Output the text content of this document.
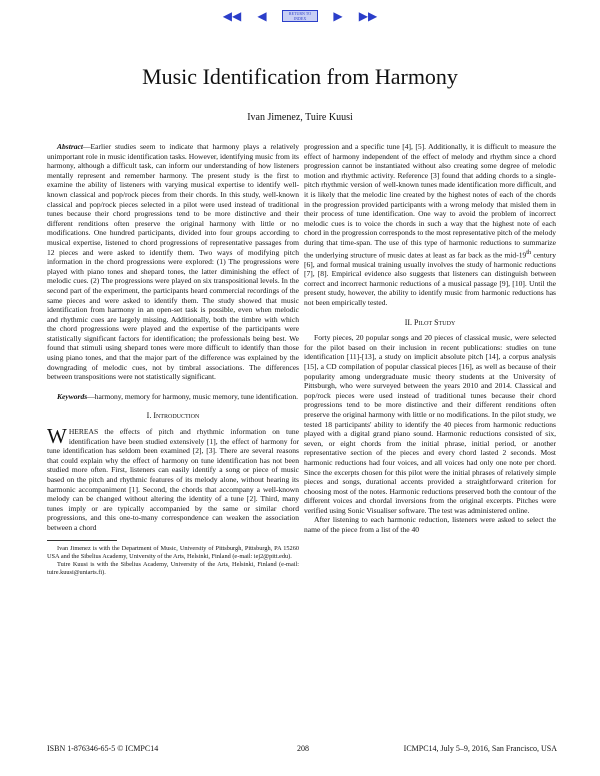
◀◀	◀	RETURN TO INDEX	▶	▶▶
Music Identification from Harmony
Ivan Jimenez, Tuire Kuusi

Abstract—Earlier studies seem to indicate that harmony plays a relatively unimportant role in music identification tasks. However, identifying music from its harmony, although a difficult task, can inform our understanding of how listeners mentally represent and remember harmony. The present study is the first to examine the ability of listeners with varying musical expertise to identify well-known classical and pop/rock pieces from their chords. In this study, well-known classical and pop/rock pieces selected in a pilot were used instead of traditional tunes because their chord progressions tend to be more distinctive and their different renditions often preserve the original harmony with little or no modifications. One hundred participants, divided into four groups according to musical expertise, listened to chord progressions of representative passages from 12 pieces and were asked to identify them. Two ways of modifying pitch information in the chord progressions were explored: (1) The progressions were played with piano tones and shepard tones, the latter diminishing the effect of melodic cues. (2) The progressions were played on six transpositional levels. In the second part of the experiment, the participants heard commercial recordings of the same pieces and were asked to identify them. The study showed that music identification from harmony in an open-set task is possible, even when melodic and rhythmic cues are largely missing. Additionally, both the timbre with which the chord progressions were played and the expertise of the participants were statistically significant factors for identification; the professionals being best. We found that stimuli using shepard tones were more difficult to identify than those using piano tones, and that the major part of the difference was explained by the downgrading of melodic cues, not by timbral associations. The differences between transpositions were not statistically significant.

Keywords—harmony, memory for harmony, music memory, tune identification.

I. Introduction

WHEREAS the effects of pitch and rhythmic information on tune identification have been studied extensively [1], the effect of harmony for tune identification has seldom been examined [2], [3]. There are several reasons that could explain why the effect of harmony on tune identification has not been studied more often. First, listeners can easily identify a song or piece of music based on the pitch and rhythmic features of its melody alone, without hearing its harmonic accompaniment [1]. Second, the chords that accompany a well-known melody can be changed without altering the identity of a tune [2]. Third, many tunes imply or are typically accompanied by the same or similar chord progressions, and this one-to-many correspondence can weaken the association between a chord

Ivan Jimenez is with the Department of Music, University of Pittsburgh, Pittsburgh, PA 15260 USA and the Sibelius Academy, University of the Arts, Helsinki, Finland (e-mail: iej2@pitt.edu).

Tuire Kuusi is with the Sibelius Academy, University of the Arts, Helsinki, Finland (e-mail: tuire.kuusi@uniarts.fi).

progression and a specific tune [4], [5]. Additionally, it is difficult to measure the effect of harmony independent of the effect of melody and rhythm since a chord progression cannot be instantiated without also creating some degree of melodic motion and rhythmic activity. Reference [3] found that adding chords to a single-pitch rhythmic version of well-known tunes made identification more difficult, and it is likely that the melodic line created by the highest notes of each of the chords in the progression provided participants with a wrong melody that misled them in their process of tune identification. One way to avoid the problem of incorrect melodic cues is to voice the chords in such a way that the highest note of each chord in the progression corresponds to the most representative pitch of the melody during that time-span. The use of this type of harmonic reductions to summarize the underlying structure of music dates at least as far back as the mid-19th century [6], and formal musical training usually involves the study of harmonic reductions [7], [8]. Empirical evidence also suggests that listeners can distinguish between correct and incorrect harmonic reductions of a musical passage [9], [10]. Until the present study, however, the ability to identify music from harmonic reductions has not been empirically tested.

II. Pilot Study

Forty pieces, 20 popular songs and 20 pieces of classical music, were selected for the pilot based on their inclusion in recent publications: studies on tune identification [11]-[13], a study on implicit absolute pitch [14], a corpus analysis [15], a CD compilation of popular classical pieces [16], as well as because of their popularity among undergraduate music theory students at the University of Pittsburgh, who were surveyed between the years 2010 and 2014. Classical and pop/rock pieces were used instead of traditional tunes because their chord progressions tend to be more distinctive and their different renditions often preserve the original harmony with little or no modifications. In the pilot study, we tested 18 participants' ability to identify the 40 pieces from harmonic reductions played with a digital grand piano sound. Harmonic reductions consisted of six, seven, or eight chords from the initial phrase, initial period, or another representative section of the pieces and every chord lasted 2 seconds. Most harmonic reductions had four voices, and all voices had only one note per chord. Since the excerpts chosen for this pilot were the initial phrases of relatively simple pieces and songs, durational accents provided a straightforward criterion for choosing most of the notes. Harmonic reductions preserved both the contour of the different voices and chordal inversions from the original excerpts. Pitches were verified using Sonic Visualiser software. The test was administered online.

After listening to each harmonic reduction, listeners were asked to select the name of the piece from a list of the 40

ISBN 1-876346-65-5 © ICMPC14	208	ICMPC14, July 5–9, 2016, San Francisco, USA
